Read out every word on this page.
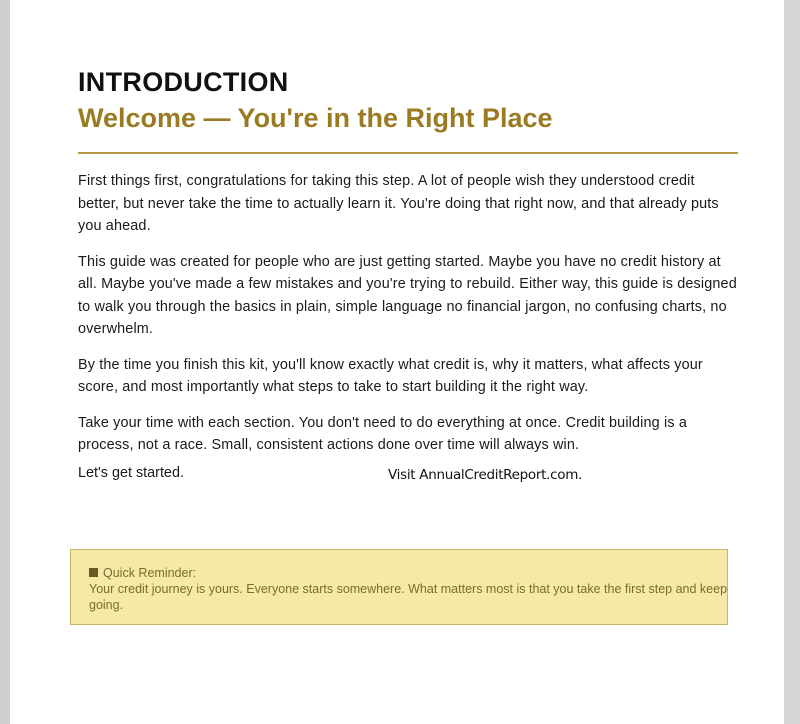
INTRODUCTION
Welcome — You're in the Right Place

First things first, congratulations for taking this step. A lot of people wish they understood credit better, but never take the time to actually learn it. You're doing that right now, and that already puts you ahead.

This guide was created for people who are just getting started. Maybe you have no credit history at all. Maybe you've made a few mistakes and you're trying to rebuild. Either way, this guide is designed to walk you through the basics in plain, simple language no financial jargon, no confusing charts, no overwhelm.

By the time you finish this kit, you'll know exactly what credit is, why it matters, what affects your score, and most importantly what steps to take to start building it the right way.

Take your time with each section. You don't need to do everything at once. Credit building is a process, not a race. Small, consistent actions done over time will always win.

Let's get started.	Visit AnnualCreditReport.com.
Quick Reminder:
Your credit journey is yours. Everyone starts somewhere. What matters most is that you take the first step and keep going.
